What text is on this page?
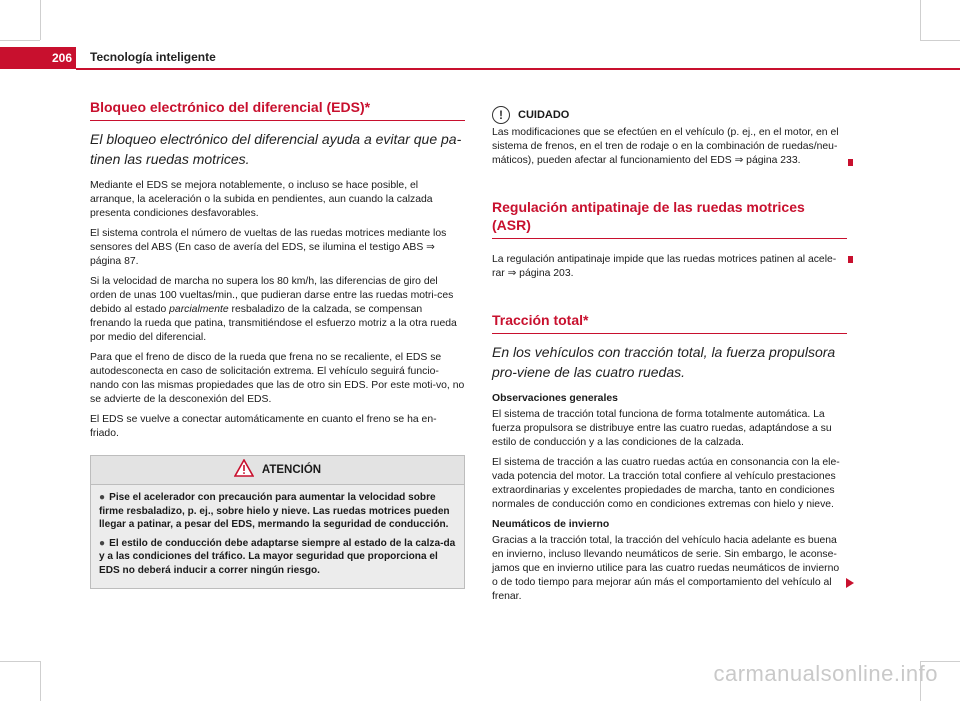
206 Tecnología inteligente
Bloqueo electrónico del diferencial (EDS)*
El bloqueo electrónico del diferencial ayuda a evitar que pa-tinen las ruedas motrices.

Mediante el EDS se mejora notablemente, o incluso se hace posible, el arranque, la aceleración o la subida en pendientes, aun cuando la calzada presenta condiciones desfavorables.

El sistema controla el número de vueltas de las ruedas motrices mediante los sensores del ABS (En caso de avería del EDS, se ilumina el testigo ABS ⇒ página 87.

Si la velocidad de marcha no supera los 80 km/h, las diferencias de giro del orden de unas 100 vueltas/min., que pudieran darse entre las ruedas motri-ces debido al estado parcialmente resbaladizo de la calzada, se compensan frenando la rueda que patina, transmitiéndose el esfuerzo motriz a la otra rueda por medio del diferencial.

Para que el freno de disco de la rueda que frena no se recaliente, el EDS se autodesconecta en caso de solicitación extrema. El vehículo seguirá funcio-nando con las mismas propiedades que las de otro sin EDS. Por este moti-vo, no se advierte de la desconexión del EDS.

El EDS se vuelve a conectar automáticamente en cuanto el freno se ha en-friado.

ATENCIÓN
● Pise el acelerador con precaución para aumentar la velocidad sobre firme resbaladizo, p. ej., sobre hielo y nieve. Las ruedas motrices pueden llegar a patinar, a pesar del EDS, mermando la seguridad de conducción.
● El estilo de conducción debe adaptarse siempre al estado de la calza-da y a las condiciones del tráfico. La mayor seguridad que proporciona el EDS no deberá inducir a correr ningún riesgo.
!	CUIDADO

Las modificaciones que se efectúen en el vehículo (p. ej., en el motor, en el sistema de frenos, en el tren de rodaje o en la combinación de ruedas/neu-máticos), pueden afectar al funcionamiento del EDS ⇒ página 233.

Regulación antipatinaje de las ruedas motrices (ASR)

La regulación antipatinaje impide que las ruedas motrices patinen al acele-rar ⇒ página 203.

Tracción total*
En los vehículos con tracción total, la fuerza propulsora pro-viene de las cuatro ruedas.
Observaciones generales

El sistema de tracción total funciona de forma totalmente automática. La fuerza propulsora se distribuye entre las cuatro ruedas, adaptándose a su estilo de conducción y a las condiciones de la calzada.

El sistema de tracción a las cuatro ruedas actúa en consonancia con la ele-vada potencia del motor. La tracción total confiere al vehículo prestaciones extraordinarias y excelentes propiedades de marcha, tanto en condiciones normales de conducción como en condiciones extremas con hielo y nieve.

Neumáticos de invierno

Gracias a la tracción total, la tracción del vehículo hacia adelante es buena en invierno, incluso llevando neumáticos de serie. Sin embargo, le aconse-jamos que en invierno utilice para las cuatro ruedas neumáticos de invierno o de todo tiempo para mejorar aún más el comportamiento del vehículo al frenar.

carmanualsonline.info
